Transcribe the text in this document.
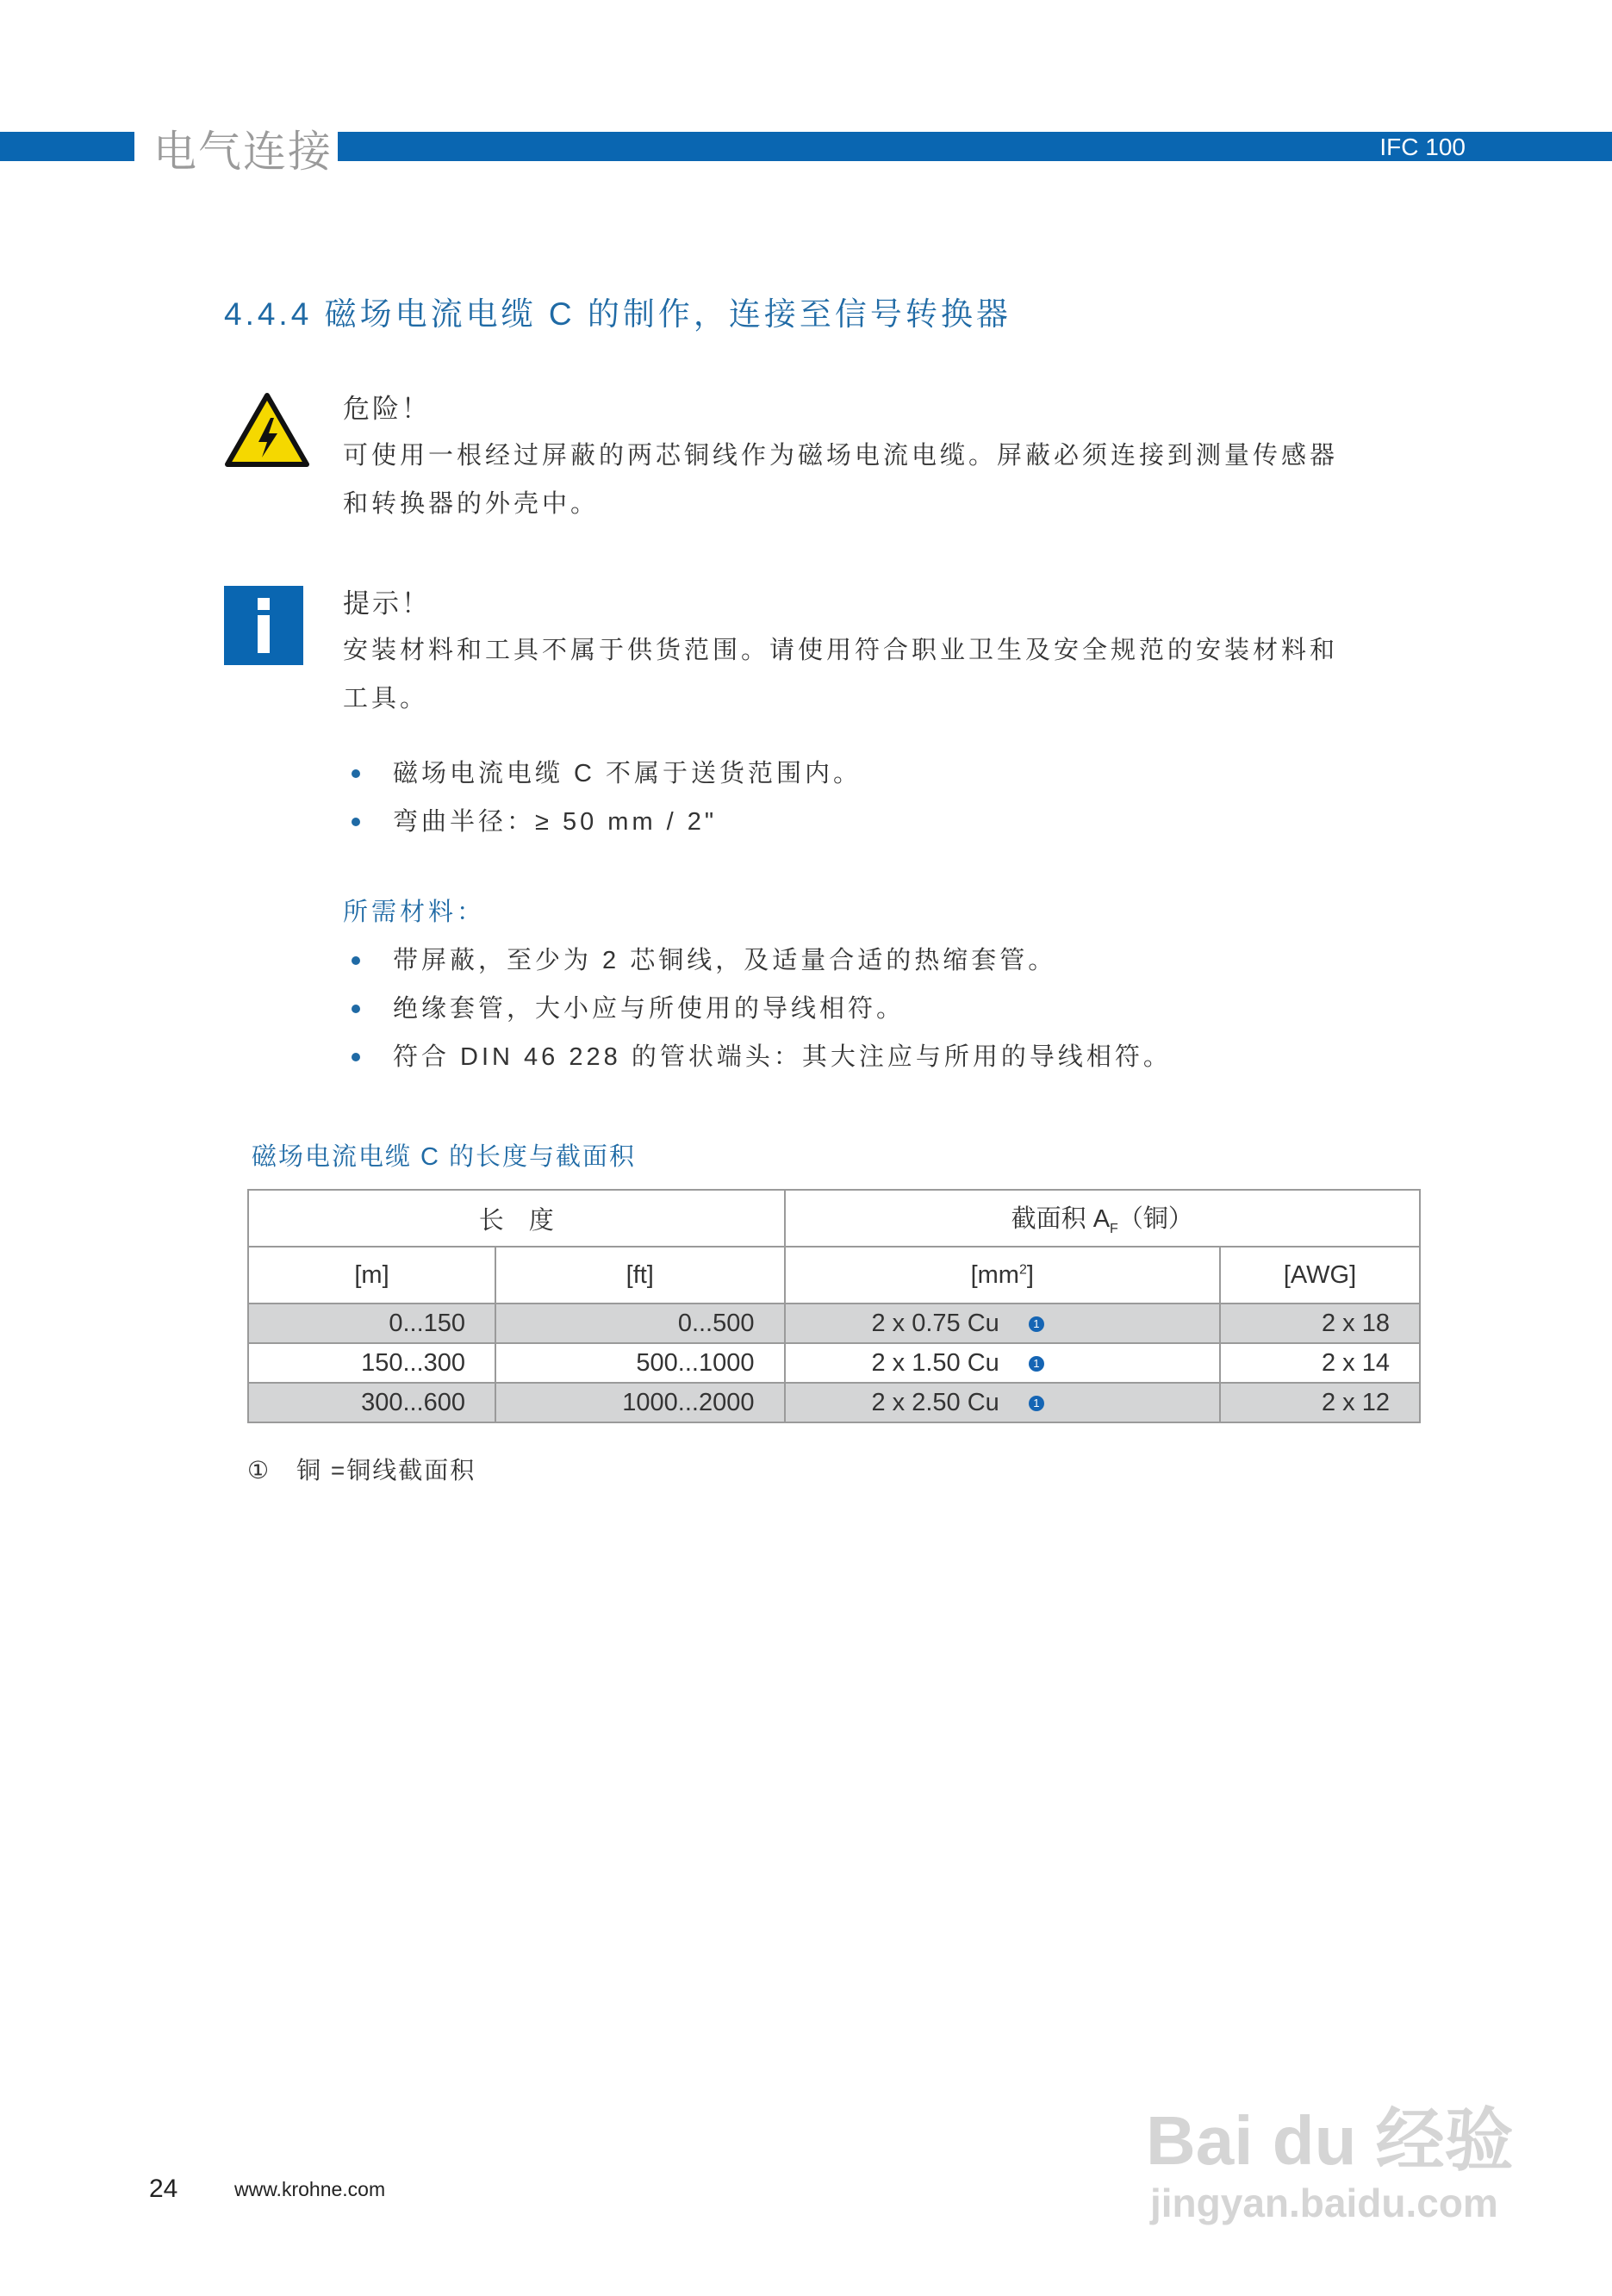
电气连接	IFC 100
4.4.4 磁场电流电缆 C 的制作，连接至信号转换器
危险！
可使用一根经过屏蔽的两芯铜线作为磁场电流电缆。屏蔽必须连接到测量传感器
和转换器的外壳中。
提示！
安装材料和工具不属于供货范围。请使用符合职业卫生及安全规范的安装材料和
工具。
磁场电流电缆 C 不属于送货范围内。
弯曲半径：≥ 50 mm / 2"
所需材料：
带屏蔽，至少为 2 芯铜线，及适量合适的热缩套管。
绝缘套管，大小应与所使用的导线相符。
符合 DIN 46 228 的管状端头：其大注应与所用的导线相符。
磁场电流电缆 C 的长度与截面积
长　度		截面积 $A_F$（铜）	
[m]	[ft]	$[mm^2]$	[AWG]
0...150	0...500	2 x 0.75 Cu 1	2 x 18
150...300	500...1000	2 x 1.50 Cu 1	2 x 14
300...600	1000...2000	2 x 2.50 Cu 1	2 x 12
①　铜 =铜线截面积
24	www.krohne.com
Bai du 经验
jingyan.baidu.com
